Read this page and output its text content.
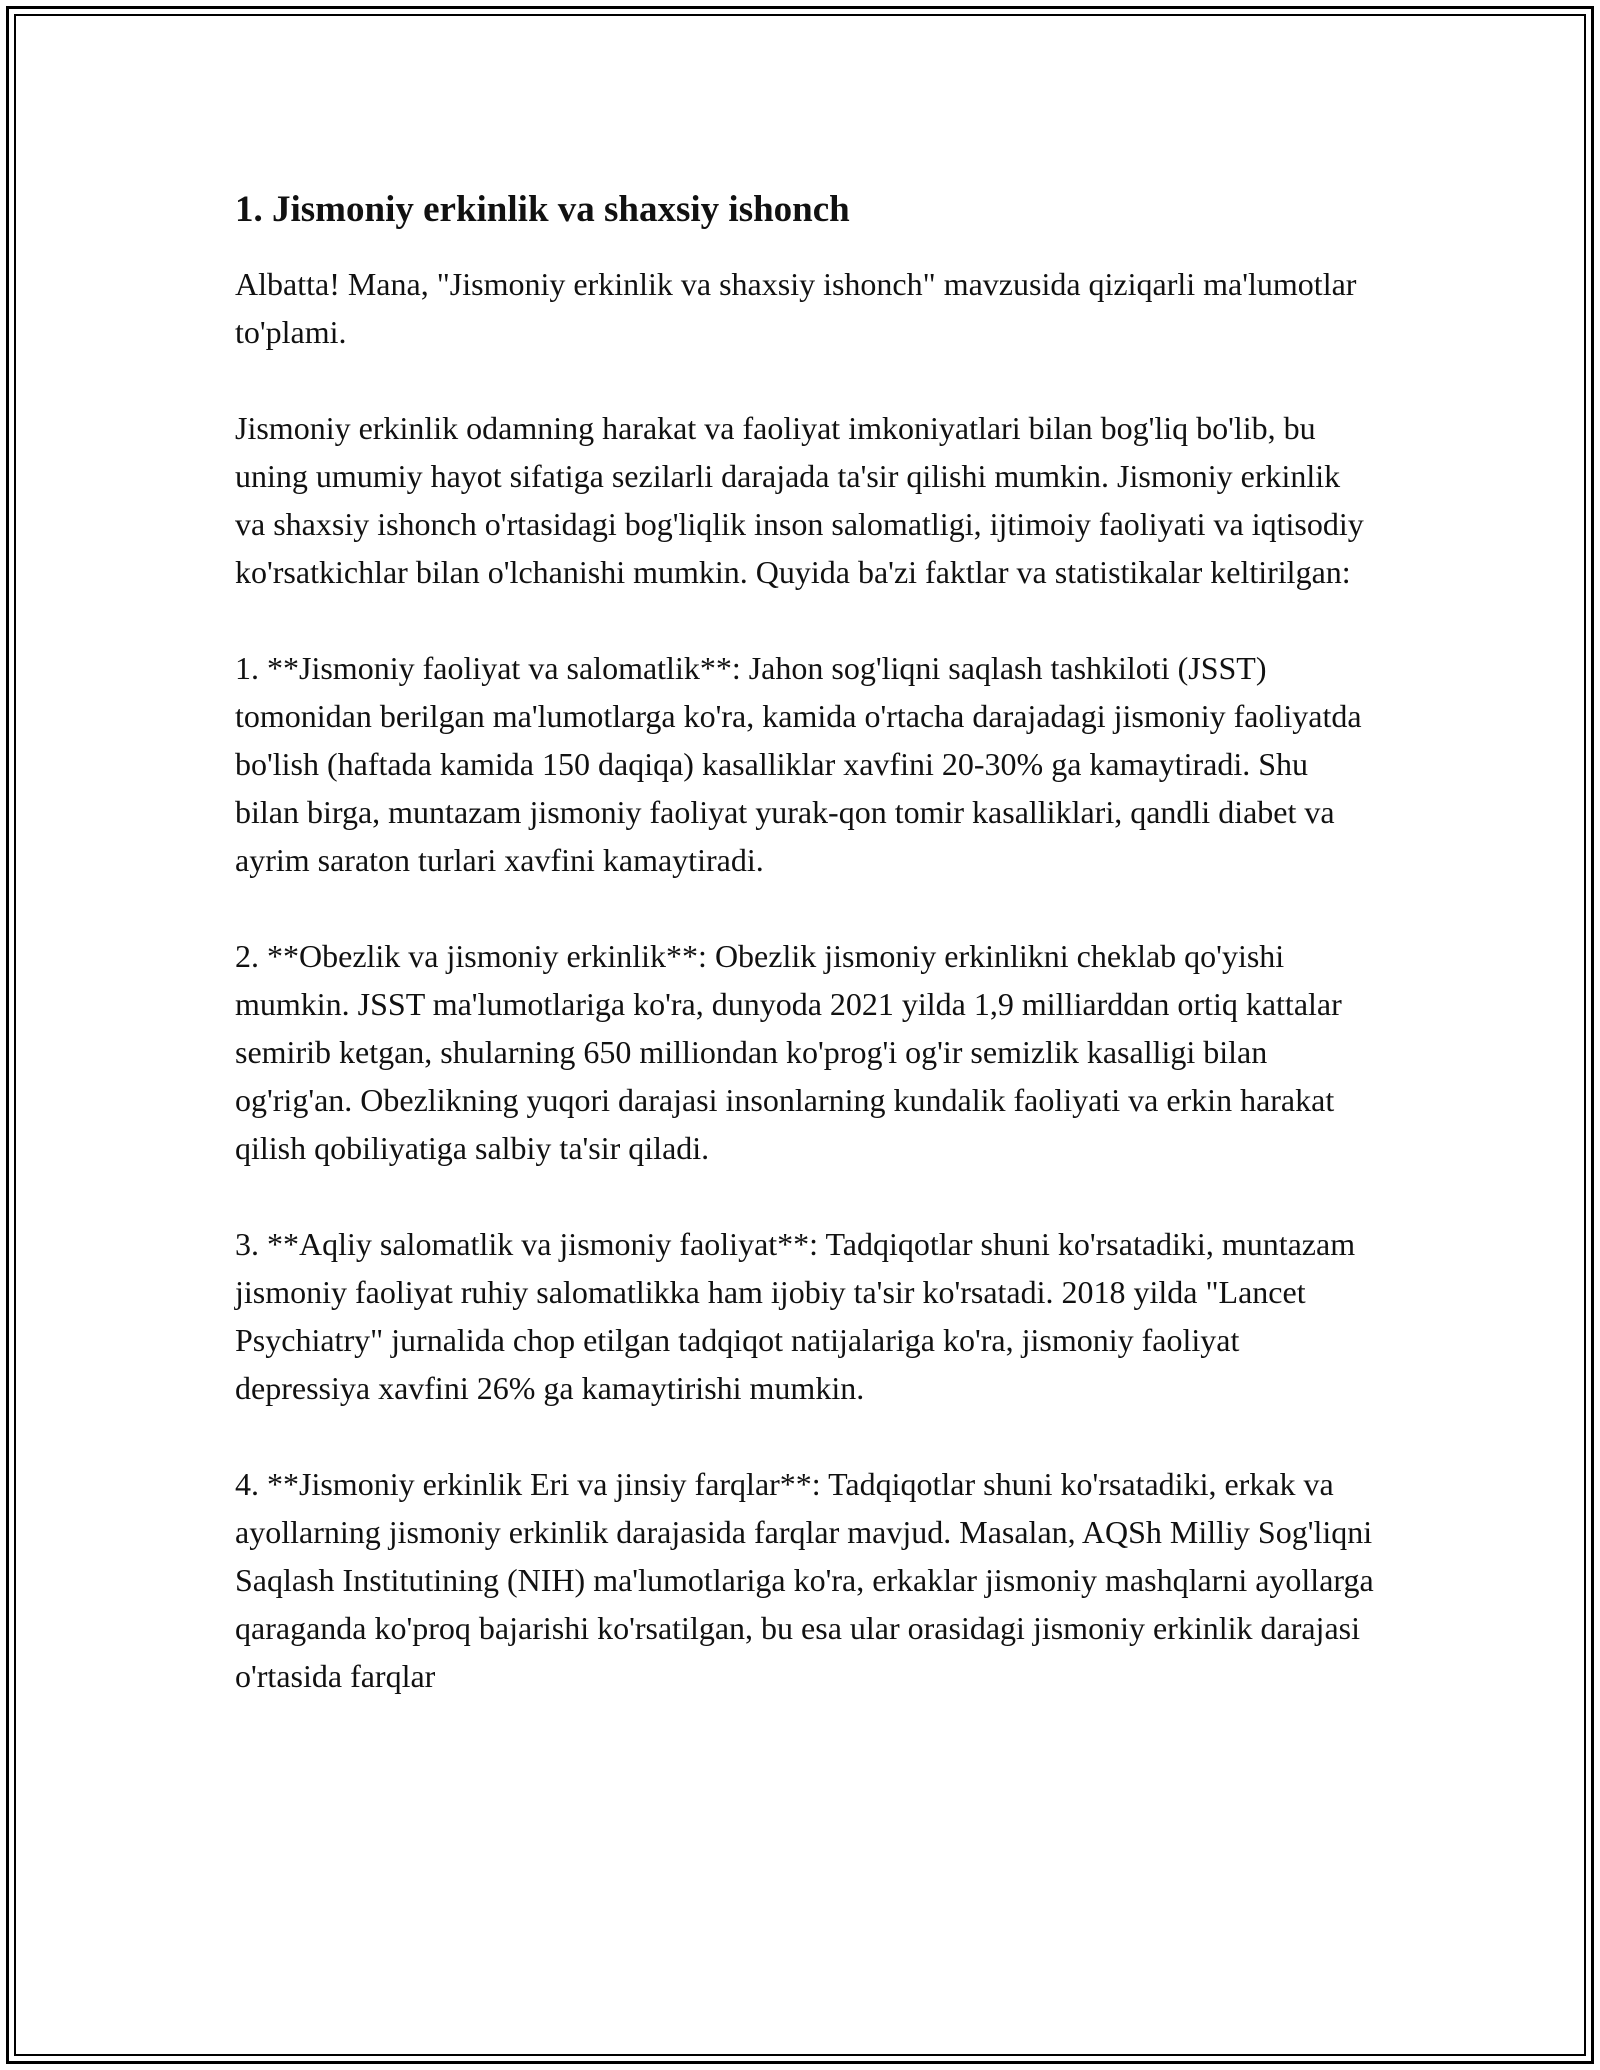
1. Jismoniy erkinlik va shaxsiy ishonch

Albatta! Mana, "Jismoniy erkinlik va shaxsiy ishonch" mavzusida qiziqarli ma'lumotlar to'plami.

Jismoniy erkinlik odamning harakat va faoliyat imkoniyatlari bilan bog'liq bo'lib, bu uning umumiy hayot sifatiga sezilarli darajada ta'sir qilishi mumkin. Jismoniy erkinlik va shaxsiy ishonch o'rtasidagi bog'liqlik inson salomatligi, ijtimoiy faoliyati va iqtisodiy ko'rsatkichlar bilan o'lchanishi mumkin. Quyida ba'zi faktlar va statistikalar keltirilgan:

1. **Jismoniy faoliyat va salomatlik**: Jahon sog'liqni saqlash tashkiloti (JSST) tomonidan berilgan ma'lumotlarga ko'ra, kamida o'rtacha darajadagi jismoniy faoliyatda bo'lish (haftada kamida 150 daqiqa) kasalliklar xavfini 20-30% ga kamaytiradi. Shu bilan birga, muntazam jismoniy faoliyat yurak-qon tomir kasalliklari, qandli diabet va ayrim saraton turlari xavfini kamaytiradi.

2. **Obezlik va jismoniy erkinlik**: Obezlik jismoniy erkinlikni cheklab qo'yishi mumkin. JSST ma'lumotlariga ko'ra, dunyoda 2021 yilda 1,9 milliarddan ortiq kattalar semirib ketgan, shularning 650 milliondan ko'prog'i og'ir semizlik kasalligi bilan og'rig'an. Obezlikning yuqori darajasi insonlarning kundalik faoliyati va erkin harakat qilish qobiliyatiga salbiy ta'sir qiladi.

3. **Aqliy salomatlik va jismoniy faoliyat**: Tadqiqotlar shuni ko'rsatadiki, muntazam jismoniy faoliyat ruhiy salomatlikka ham ijobiy ta'sir ko'rsatadi. 2018 yilda "Lancet Psychiatry" jurnalida chop etilgan tadqiqot natijalariga ko'ra, jismoniy faoliyat depressiya xavfini 26% ga kamaytirishi mumkin.

4. **Jismoniy erkinlik Eri va jinsiy farqlar**: Tadqiqotlar shuni ko'rsatadiki, erkak va ayollarning jismoniy erkinlik darajasida farqlar mavjud. Masalan, AQSh Milliy Sog'liqni Saqlash Institutining (NIH) ma'lumotlariga ko'ra, erkaklar jismoniy mashqlarni ayollarga qaraganda ko'proq bajarishi ko'rsatilgan, bu esa ular orasidagi jismoniy erkinlik darajasi o'rtasida farqlar
